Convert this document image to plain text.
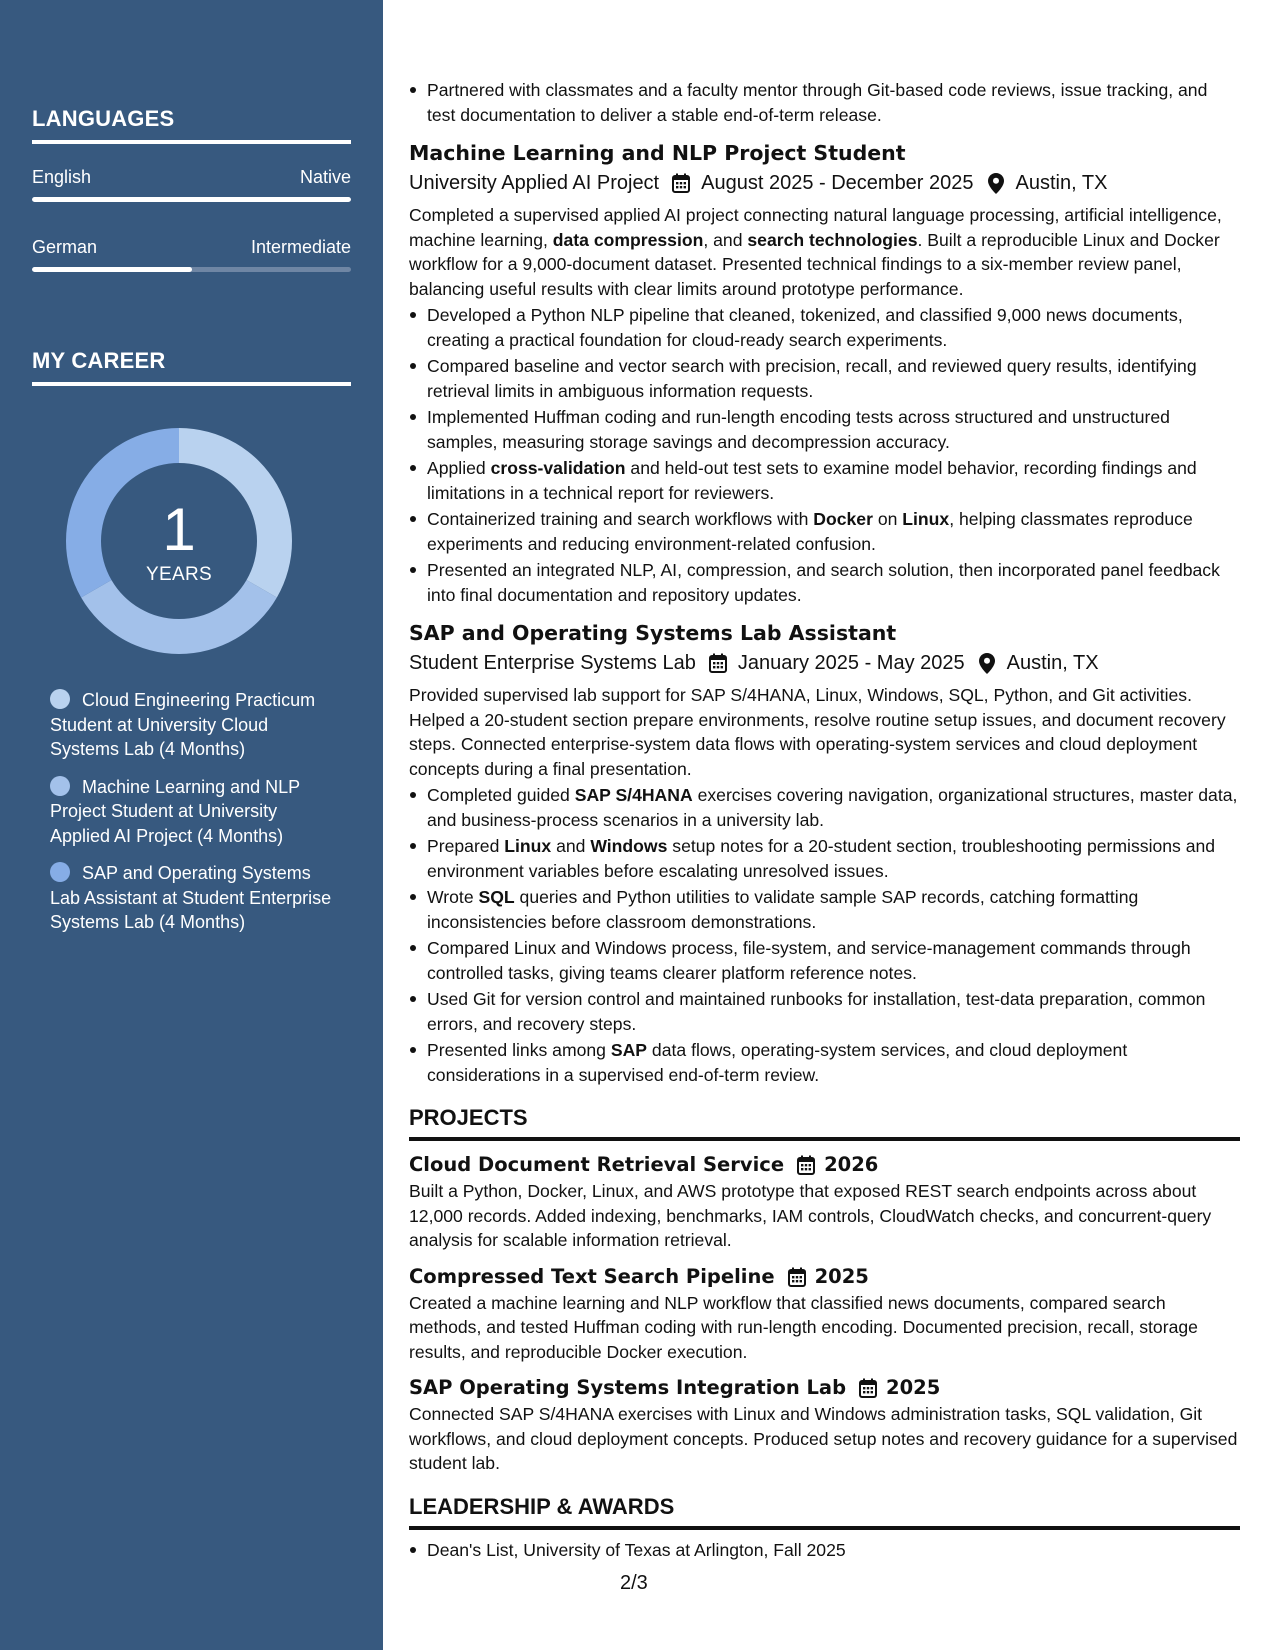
LANGUAGES
English	Native
German	Intermediate
MY CAREER
1
YEARS
Cloud Engineering Practicum Student at University Cloud Systems Lab (4 Months)
Machine Learning and NLP Project Student at University Applied AI Project (4 Months)
SAP and Operating Systems Lab Assistant at Student Enterprise Systems Lab (4 Months)
Partnered with classmates and a faculty mentor through Git-based code reviews, issue tracking, and test documentation to deliver a stable end-of-term release.
Machine Learning and NLP Project Student
University Applied AI Project August 2025 - December 2025 Austin, TX

Completed a supervised applied AI project connecting natural language processing, artificial intelligence, machine learning, data compression, and search technologies. Built a reproducible Linux and Docker workflow for a 9,000-document dataset. Presented technical findings to a six-member review panel, balancing useful results with clear limits around prototype performance.

Developed a Python NLP pipeline that cleaned, tokenized, and classified 9,000 news documents, creating a practical foundation for cloud-ready search experiments.
Compared baseline and vector search with precision, recall, and reviewed query results, identifying retrieval limits in ambiguous information requests.
Implemented Huffman coding and run-length encoding tests across structured and unstructured samples, measuring storage savings and decompression accuracy.
Applied cross-validation and held-out test sets to examine model behavior, recording findings and limitations in a technical report for reviewers.
Containerized training and search workflows with Docker on Linux, helping classmates reproduce experiments and reducing environment-related confusion.
Presented an integrated NLP, AI, compression, and search solution, then incorporated panel feedback into final documentation and repository updates.
SAP and Operating Systems Lab Assistant
Student Enterprise Systems Lab January 2025 - May 2025 Austin, TX

Provided supervised lab support for SAP S/4HANA, Linux, Windows, SQL, Python, and Git activities. Helped a 20-student section prepare environments, resolve routine setup issues, and document recovery steps. Connected enterprise-system data flows with operating-system services and cloud deployment concepts during a final presentation.

Completed guided SAP S/4HANA exercises covering navigation, organizational structures, master data, and business-process scenarios in a university lab.
Prepared Linux and Windows setup notes for a 20-student section, troubleshooting permissions and environment variables before escalating unresolved issues.
Wrote SQL queries and Python utilities to validate sample SAP records, catching formatting inconsistencies before classroom demonstrations.
Compared Linux and Windows process, file-system, and service-management commands through controlled tasks, giving teams clearer platform reference notes.
Used Git for version control and maintained runbooks for installation, test-data preparation, common errors, and recovery steps.
Presented links among SAP data flows, operating-system services, and cloud deployment considerations in a supervised end-of-term review.
PROJECTS
Cloud Document Retrieval Service 2026

Built a Python, Docker, Linux, and AWS prototype that exposed REST search endpoints across about 12,000 records. Added indexing, benchmarks, IAM controls, CloudWatch checks, and concurrent-query analysis for scalable information retrieval.

Compressed Text Search Pipeline 2025

Created a machine learning and NLP workflow that classified news documents, compared search methods, and tested Huffman coding with run-length encoding. Documented precision, recall, storage results, and reproducible Docker execution.

SAP Operating Systems Integration Lab 2025

Connected SAP S/4HANA exercises with Linux and Windows administration tasks, SQL validation, Git workflows, and cloud deployment concepts. Produced setup notes and recovery guidance for a supervised student lab.

LEADERSHIP & AWARDS
Dean's List, University of Texas at Arlington, Fall 2025
2/3
